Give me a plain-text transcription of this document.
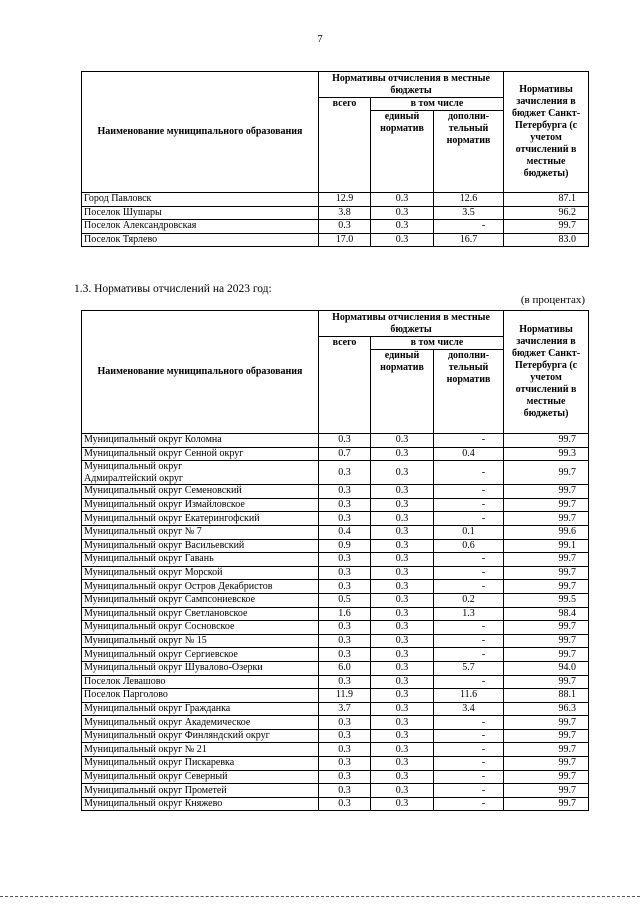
7
Наименование муниципального образования	Нормативы отчисления в местные бюджеты			Нормативы зачисления в бюджет Санкт-Петербурга (с учетом отчислений в местные бюджеты)
	всего	в том числе		
		единый норматив	дополни-тельный норматив	
Город Павловск	12.9	0.3	12.6	87.1
Поселок Шушары	3.8	0.3	3.5	96.2
Поселок Александровская	0.3	0.3	-	99.7
Поселок Тярлево	17.0	0.3	16.7	83.0
1.3. Нормативы отчислений на 2023 год:
(в процентах)
Наименование муниципального образования	Нормативы отчисления в местные бюджеты			Нормативы зачисления в бюджет Санкт-Петербурга (с учетом отчислений в местные бюджеты)
	всего	в том числе		
		единый норматив	дополни-тельный норматив	
Муниципальный округ Коломна	0.3	0.3	-	99.7
Муниципальный округ Сенной округ	0.7	0.3	0.4	99.3
Муниципальный округ
Адмиралтейский округ	0.3	0.3	-	99.7
Муниципальный округ Семеновский	0.3	0.3	-	99.7
Муниципальный округ Измайловское	0.3	0.3	-	99.7
Муниципальный округ Екатерингофский	0.3	0.3	-	99.7
Муниципальный округ № 7	0.4	0.3	0.1	99.6
Муниципальный округ Васильевский	0.9	0.3	0.6	99.1
Муниципальный округ Гавань	0.3	0.3	-	99.7
Муниципальный округ Морской	0.3	0.3	-	99.7
Муниципальный округ Остров Декабристов	0.3	0.3	-	99.7
Муниципальный округ Сампсониевское	0.5	0.3	0.2	99.5
Муниципальный округ Светлановское	1.6	0.3	1.3	98.4
Муниципальный округ Сосновское	0.3	0.3	-	99.7
Муниципальный округ № 15	0.3	0.3	-	99.7
Муниципальный округ Сергиевское	0.3	0.3	-	99.7
Муниципальный округ Шувалово-Озерки	6.0	0.3	5.7	94.0
Поселок Левашово	0.3	0.3	-	99.7
Поселок Парголово	11.9	0.3	11.6	88.1
Муниципальный округ Гражданка	3.7	0.3	3.4	96.3
Муниципальный округ Академическое	0.3	0.3	-	99.7
Муниципальный округ Финляндский округ	0.3	0.3	-	99.7
Муниципальный округ № 21	0.3	0.3	-	99.7
Муниципальный округ Пискаревка	0.3	0.3	-	99.7
Муниципальный округ Северный	0.3	0.3	-	99.7
Муниципальный округ Прометей	0.3	0.3	-	99.7
Муниципальный округ Княжево	0.3	0.3	-	99.7
